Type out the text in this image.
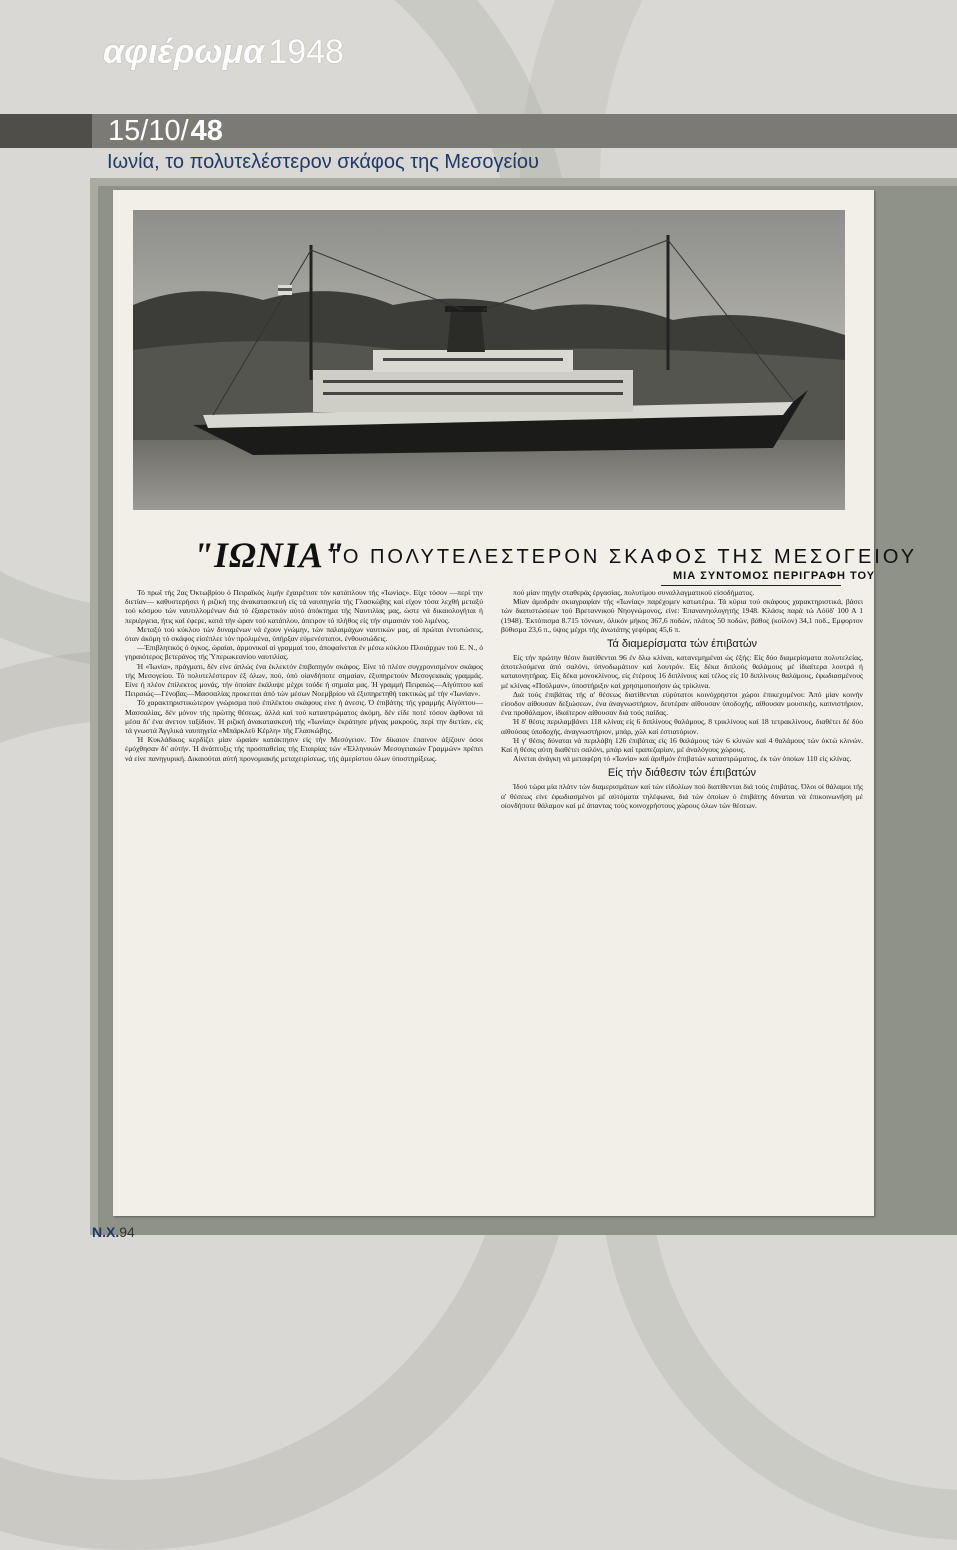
αφιέρωμα 1948
15/10/48
Ιωνία, το πολυτελέστερον σκάφος της Μεσογείου
"ΙΩΝΙΑ"
ΤΟ ΠΟΛΥΤΕΛΕΣΤΕΡΟΝ ΣΚΑΦΟΣ ΤΗΣ ΜΕΣΟΓΕΙΟΥ
ΜΙΑ ΣΥΝΤΟΜΟΣ ΠΕΡΙΓΡΑΦΗ ΤΟΥ

Τό πρωΐ τής 2ας Όκτωβρίου ό Πειραϊκός λιμήν έχαιρέτισε τόν κατάπλουν τής «Ίωνίας». Είχε τόσον —περί την διετίαν— καθυστερήσει ή ριζική της άνακατασκευή είς τά ναυπηγεία τής Γλασκώβης καί είχον τόσα λεχθή μεταξύ τού κόσμου τών ναυτιλλομένων διά τό έξαιρετικόν αύτό άπόκτημα τής Ναυτιλίας μας, ώστε νά δικαιολογήται ή περιέργεια, ήτις καί έφερε, κατά τήν ώραν τού κατάπλου, άπειρον τό πλήθος είς τήν σιμασιάν τού λιμένος.

Μεταξύ τού κύκλου τών δυναμένων νά έχουν γνώμην, τών παλαιμάχων ναυτικών μας, αί πρώται έντυπώσεις, όταν άκόμη τό σκάφος είσέπλεε τόν προλιμένα, ύπήρξαν εύμενέστατοι, ένθουσιώδεις.

—Έπιβλητικός ό όγκος, ώραίαι, άρμονικαί αί γραμμαί του, άποφαίνεται έν μέσω κύκλου Πλοιάρχων τού Ε. Ν., ό γηραιότερος βετεράνος τής Ύπερωκεανίου ναυτιλίας.

Ή «Ίωνία», πράγματι, δέν είνε άπλώς ένα έκλεκτόν έπιβατηγόν σκάφος. Είνε τό πλέον συγχρονισμένον σκάφος τής Μεσογείου. Τό πολυτελέστερον έξ όλων, πού, ύπό οίανδήποτε σημαίαν, έξυπηρετούν Μεσογειακάς γραμμάς. Είνε ή πλέον έπίλεκτος μονάς, τήν όποίαν έκάλυψε μέχρι τούδε ή σημαία μας. Ή γραμμή Πειραιώς—Αίγύπτου καί Πειραιώς—Γένοβας—Μασσαλίας προκειται άπό τών μέσων Νοεμβρίου νά έξυπηρετηθή τακτικώς μέ τήν «Ίωνίαν».

Τό χαρακτηριστικώτερον γνώρισμα πού έπιλέκτου σκάφους είνε ή άνεσις. Ό έπιβάτης τής γραμμής Αίγύπτου—Μασσαλίας, δέν μόνον τής πρώτης θέσεως, άλλά καί τού καταστρώματος άκόμη, δέν είδε ποτέ τόσον άφθονα τά μέσα δι' ένα άνετον ταξίδιον. Ή ριζική άνακατασκευή τής «Ίωνίας» έκράτησε μήνας μακρούς, περί την διετίαν, είς τά γνωστά Άγγλικά ναυπηγεία «Μπάρκλεϋ Κέρλη» τής Γλασκώβης.

Ή Κυκλάδικος κερδίζει μίαν ώραίαν κατάκτησιν είς τήν Μεσόγειον. Τόν δίκαιον έπαινον άξίζουν όσοι έμόχθησαν δι' αύτήν. Ή άνάπτυξις τής προσπαθείας τής Εταιρίας τών «Έλληνικών Μεσογειακών Γραμμών» πρέπει νά είνε πανηγυρική. Δικαιούται αύτή προνομιακής μεταχειρίσεως, τής άμερίστου όλων ύποστηρίξεως.

πού μίαν πηγήν σταθεράς έργασίας, πολυτίμου συναλλαγματικού είσοδήματος.

Μίαν άμυδράν σκιαγραφίαν τής «Ίωνίας» παρέχομεν κατωτέρω. Τά κύρια τού σκάφους χαρακτηριστικά, βάσει τών διαπιστώσεων τού Βρεταννικού Νηογνώμονος, είνε: Έπανανηολογητής 1948. Κλάσις παρά τώ Λόϋδ' 100 Α 1 (1948). Έκτόπισμα 8.715 τόννων, όλικόν μήκος 367,6 ποδών, πλάτος 50 ποδών, βάθος (κοίλον) 34,1 ποδ., Εμφορτον βύθισμα 23,6 π., ύψος μέχρι τής άνωτάτης γεφύρας 45,6 π.

Τά διαμερίσματα τών έπιβατών

Είς τήν πρώτην θέσιν διατίθενται 96 έν δλω κλίναι, κατανεμημέναι ώς έξής: Είς δύο διαμερίσματα πολυτελείας, άποτελούμενα άπό σαλόνι, ύπνοδωμάτιον καί λουτρόν. Είς δέκα διπλούς θαλάμους μέ ίδιαίτερα λουτρά ή καταιονητήρας. Είς δέκα μονοκλίνους, είς έτέρους 16 διπλίνους καί τέλος είς 10 διπλίνους θαλάμους, έφωδιασμένους μέ κλίνας «Πούλμαν», ύποστήριξιν καί χρησιμοποιήσιν ώς τρίκλινα.

Διά τούς έπιβάτας τής α' θέσεως διατίθενται εύρύτατοι κοινόχρηστοι χώροι έπικεχυμένοι: Άπό μίαν κοινήν είσοδον αίθουσαν δεξιώσεων, ένα άναγνωστήριον, δευτέραν αίθουσαν ύποδοχής, αίθουσαν μουσικής, καπνιστήριον, ένα προθάλαμον, ίδιαίτερον αίθουσαν διά τούς παίδας.

Ή δ' θέσις περιλαμβάνει 118 κλίνας είς 6 διπλίνους θαλάμους, 8 τρικλίνους καί 18 τετρακλίνους, διαθέτει δέ δύο αίθούσας ύποδοχής, άναγνωστήριον, μπάρ, χώλ καί έστιατόριον.

Ή γ' θέσις δύναται νά περιλάβη 126 έπιβάτας είς 16 θαλάμους τών 6 κλινών καί 4 θαλάμους τών όκτώ κλινών. Καί ή θέσις αύτη διαθέτει σαλόνι, μπάρ καί τραπεζαρίαν, μέ άναλόγους χώρους.

Αίνεται άνάγκη νά μεταφέρη τό «Ίωνία» καί άριθμόν έπιβατών καταστρώματος, έκ τών όποίων 110 είς κλίνας.

Είς τήν διάθεσιν τών έπιβατών

Ίδού τώρα μία πλάτν τών διαμερισμάτων καί τών είδολίων πού διατίθενται διά τούς έπιβάτας. Όλοι οί θάλαμοι τής α' θέσεως είνε έφωδιασμένοι μέ αύτόματα τηλέφωνα, διά τών όποίων ό έπιβάτης δύναται νά έπικοινωνήση μέ οίονδήποτε θάλαμον καί μέ άπαντας τούς κοινοχρήστους χώρους όλων τών θέσεων.

Ν.Χ.94
